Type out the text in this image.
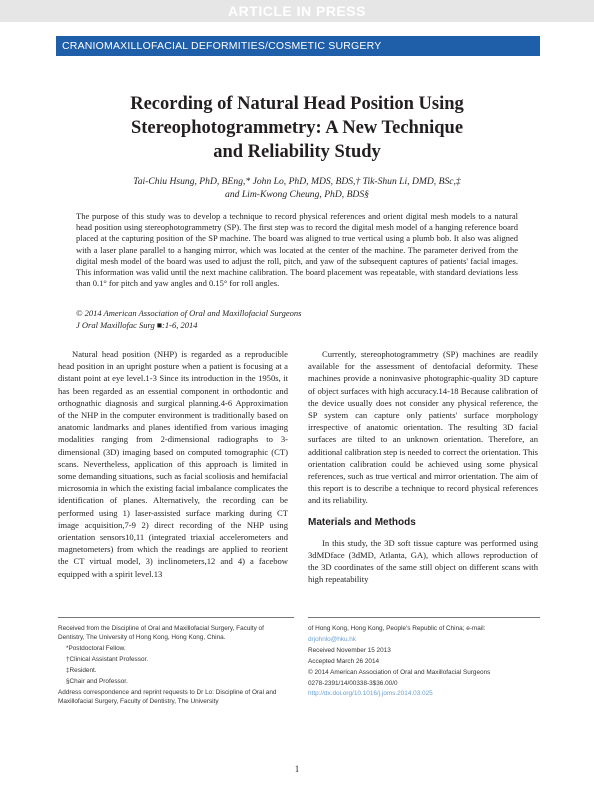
ARTICLE IN PRESS
CRANIOMAXILLOFACIAL DEFORMITIES/COSMETIC SURGERY
Recording of Natural Head Position Using
Stereophotogrammetry: A New Technique
and Reliability Study
Tai-Chiu Hsung, PhD, BEng,* John Lo, PhD, MDS, BDS,† Tik-Shun Li, DMD, BSc,‡
and Lim-Kwong Cheung, PhD, BDS§

The purpose of this study was to develop a technique to record physical references and orient digital mesh models to a natural head position using stereophotogrammetry (SP). The first step was to record the digital mesh model of a hanging reference board placed at the capturing position of the SP machine. The board was aligned to true vertical using a plumb bob. It also was aligned with a laser plane parallel to a hanging mirror, which was located at the center of the machine. The parameter derived from the digital mesh model of the board was used to adjust the roll, pitch, and yaw of the subsequent captures of patients' facial images. This information was valid until the next machine calibration. The board placement was repeatable, with standard deviations less than 0.1° for pitch and yaw angles and 0.15° for roll angles.

© 2014 American Association of Oral and Maxillofacial Surgeons
J Oral Maxillofac Surg ■:1-6, 2014

Natural head position (NHP) is regarded as a reproducible head position in an upright posture when a patient is focusing at a distant point at eye level.1-3 Since its introduction in the 1950s, it has been regarded as an essential component in orthodontic and orthognathic diagnosis and surgical planning.4-6 Approximation of the NHP in the computer environment is traditionally based on anatomic landmarks and planes identified from various imaging modalities ranging from 2-dimensional radiographs to 3-dimensional (3D) imaging based on computed tomographic (CT) scans. Nevertheless, application of this approach is limited in some demanding situations, such as facial scoliosis and hemifacial microsomia in which the existing facial imbalance complicates the identification of planes. Alternatively, the recording can be performed using 1) laser-assisted surface marking during CT image acquisition,7-9 2) direct recording of the NHP using orientation sensors10,11 (integrated triaxial accelerometers and magnetometers) from which the readings are applied to reorient the CT virtual model, 3) inclinometers,12 and 4) a facebow equipped with a spirit level.13

Currently, stereophotogrammetry (SP) machines are readily available for the assessment of dentofacial deformity. These machines provide a noninvasive photographic-quality 3D capture of object surfaces with high accuracy.14-18 Because calibration of the device usually does not consider any physical reference, the SP system can capture only patients' surface morphology irrespective of anatomic orientation. The resulting 3D facial surfaces are tilted to an unknown orientation. Therefore, an additional calibration step is needed to correct the orientation. This orientation calibration could be achieved using some physical references, such as true vertical and mirror orientation. The aim of this report is to describe a technique to record physical references and its reliability.

Materials and Methods

In this study, the 3D soft tissue capture was performed using 3dMDface (3dMD, Atlanta, GA), which allows reproduction of the 3D coordinates of the same still object on different scans with high repeatability

Received from the Discipline of Oral and Maxillofacial Surgery, Faculty of Dentistry, The University of Hong Kong, Hong Kong, China.
*Postdoctoral Fellow.
†Clinical Assistant Professor.
‡Resident.
§Chair and Professor.
Address correspondence and reprint requests to Dr Lo: Discipline of Oral and Maxillofacial Surgery, Faculty of Dentistry, The University
of Hong Kong, Hong Kong, People's Republic of China; e-mail:
drjohnlo@hku.hk
Received November 15 2013
Accepted March 26 2014
© 2014 American Association of Oral and Maxillofacial Surgeons
0278-2391/14/00338-3$36.00/0
http://dx.doi.org/10.1016/j.joms.2014.03.025
1
